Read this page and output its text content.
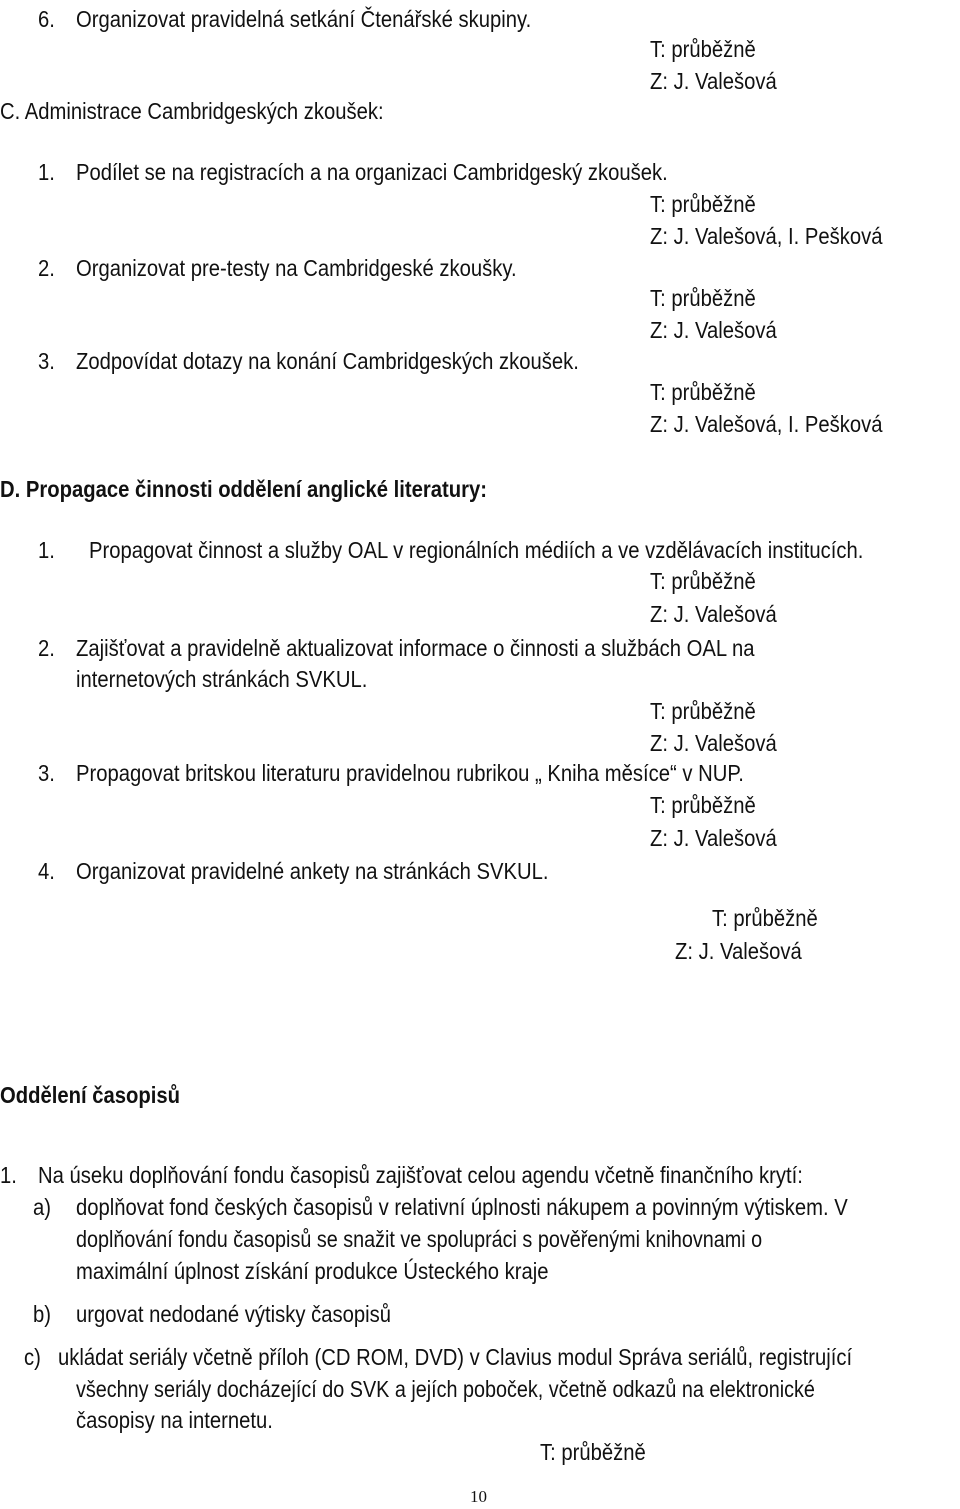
6. Organizovat pravidelná setkání Čtenářské skupiny.
T: průběžně
Z: J. Valešová
C. Administrace Cambridgeských zkoušek:
1. Podílet se na registracích a na organizaci Cambridgeský zkoušek.
T: průběžně
Z: J. Valešová, I. Pešková
2. Organizovat pre-testy na Cambridgeské zkoušky.
T: průběžně
Z: J. Valešová
3. Zodpovídat dotazy na konání Cambridgeských zkoušek.
T: průběžně
Z: J. Valešová, I. Pešková
D. Propagace činnosti oddělení anglické literatury:
1. Propagovat činnost a služby OAL v regionálních médiích a ve vzdělávacích institucích.
T: průběžně
Z: J. Valešová
2. Zajišťovat a pravidelně aktualizovat informace o činnosti a službách OAL na
internetových stránkách SVKUL.
T: průběžně
Z: J. Valešová
3. Propagovat britskou literaturu pravidelnou rubrikou „ Kniha měsíce“ v NUP.
T: průběžně
Z: J. Valešová
4. Organizovat pravidelné ankety na stránkách SVKUL.
T: průběžně
Z: J. Valešová
Oddělení časopisů
1. Na úseku doplňování fondu časopisů zajišťovat celou agendu včetně finančního krytí:
a) doplňovat fond českých časopisů v relativní úplnosti nákupem a povinným výtiskem. V
doplňování fondu časopisů se snažit ve spolupráci s pověřenými knihovnami o
maximální úplnost získání produkce Ústeckého kraje
b) urgovat nedodané výtisky časopisů
c) ukládat seriály včetně příloh (CD ROM, DVD) v Clavius modul Správa seriálů, registrující
všechny seriály docházející do SVK a jejích poboček, včetně odkazů na elektronické
časopisy na internetu.
T: průběžně
10
